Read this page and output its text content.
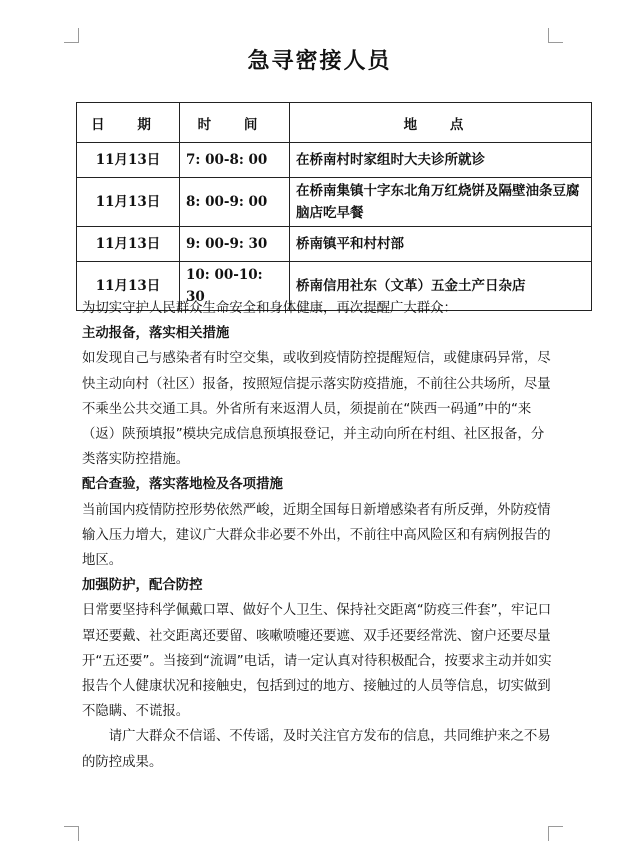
急寻密接人员
日 期	时 间	地 点
11月13日	7: 00-8: 00	在桥南村时家组时大夫诊所就诊
11月13日	8: 00-9: 00	在桥南集镇十字东北角万红烧饼及隔壁油条豆腐脑店吃早餐
11月13日	9: 00-9: 30	桥南镇平和村村部
11月13日	10: 00-10: 30	桥南信用社东（文革）五金土产日杂店

为切实守护人民群众生命安全和身体健康，再次提醒广大群众：

主动报备，落实相关措施

如发现自己与感染者有时空交集，或收到疫情防控提醒短信，或健康码异常，尽快主动向村（社区）报备，按照短信提示落实防疫措施，不前往公共场所，尽量不乘坐公共交通工具。外省所有来返渭人员，须提前在“陕西一码通”中的“来（返）陕预填报”模块完成信息预填报登记，并主动向所在村组、社区报备，分类落实防控措施。

配合查验，落实落地检及各项措施

当前国内疫情防控形势依然严峻，近期全国每日新增感染者有所反弹，外防疫情输入压力增大，建议广大群众非必要不外出，不前往中高风险区和有病例报告的地区。

加强防护，配合防控

日常要坚持科学佩戴口罩、做好个人卫生、保持社交距离“防疫三件套”，牢记口罩还要戴、社交距离还要留、咳嗽喷嚏还要遮、双手还要经常洗、窗户还要尽量开“五还要”。当接到“流调”电话，请一定认真对待积极配合，按要求主动并如实报告个人健康状况和接触史，包括到过的地方、接触过的人员等信息，切实做到不隐瞒、不谎报。

请广大群众不信谣、不传谣，及时关注官方发布的信息，共同维护来之不易的防控成果。
